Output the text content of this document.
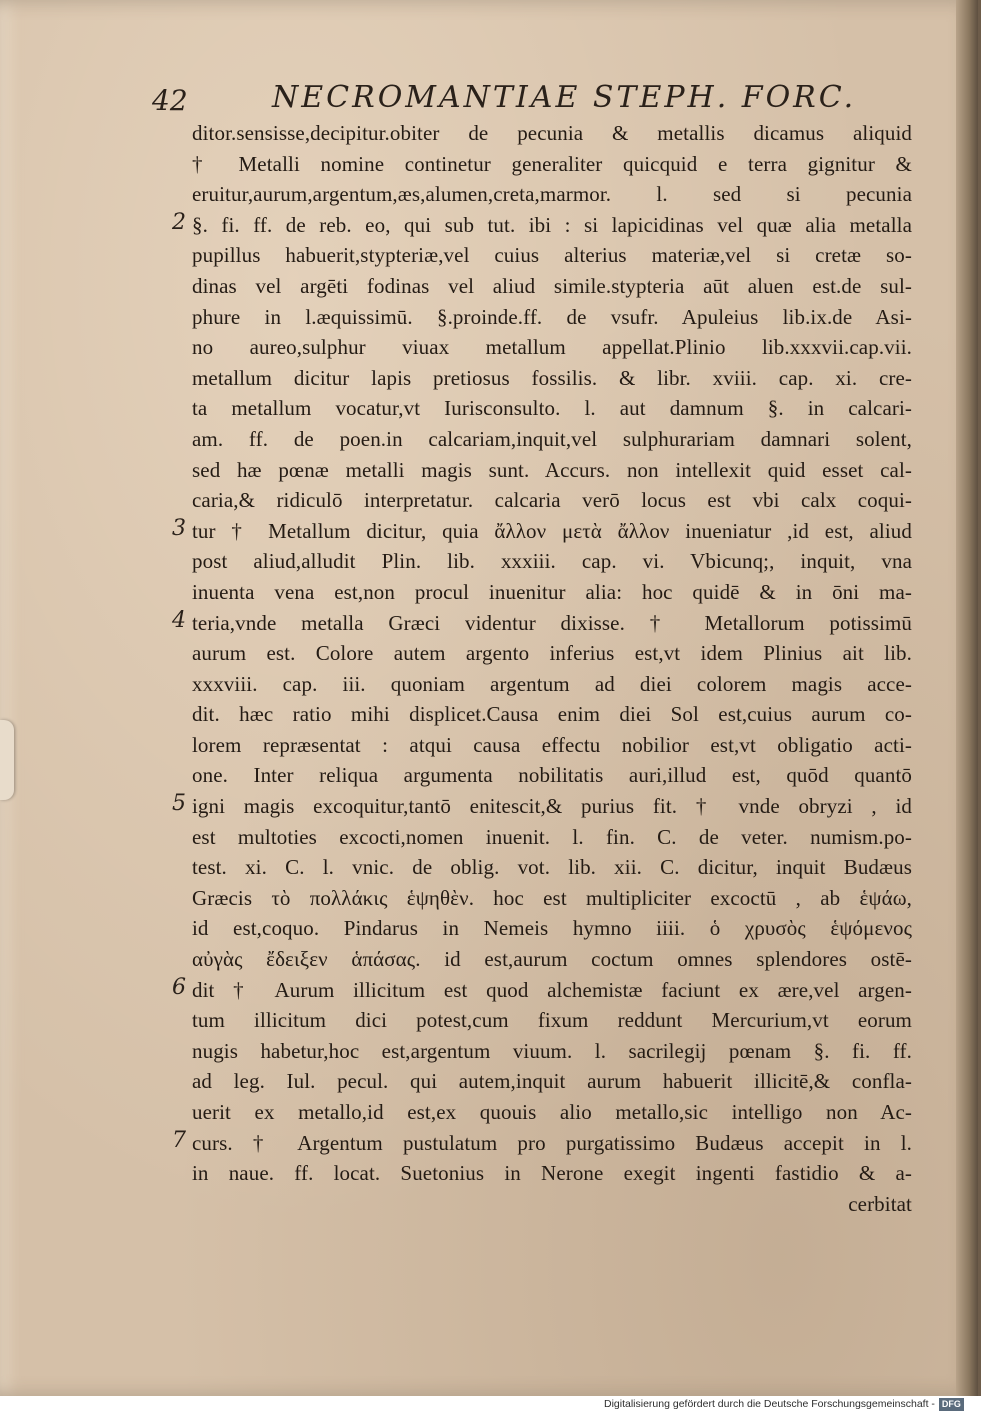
42	NECROMANTIAE STEPH. FORC.
ditor.sensisse,decipitur.obiter de pecunia & metallis dicamus aliquid
† Metalli nomine continetur generaliter quicquid e terra gignitur &
eruitur,aurum,argentum,æs,alumen,creta,marmor. l. sed si pecunia
§. fi. ff. de reb. eo, qui sub tut. ibi : si lapicidinas vel quæ alia metalla
pupillus habuerit,stypteriæ,vel cuius alterius materiæ,vel si cretæ so-
dinas vel argēti fodinas vel aliud simile.stypteria aūt aluen est.de sul-
phure in l.æquissimū. §.proinde.ff. de vsufr. Apuleius lib.ix.de Asi-
no aureo,sulphur viuax metallum appellat.Plinio lib.xxxvii.cap.vii.
metallum dicitur lapis pretiosus fossilis. & libr. xviii. cap. xi. cre-
ta metallum vocatur,vt Iurisconsulto. l. aut damnum §. in calcari-
am. ff. de poen.in calcariam,inquit,vel sulphurariam damnari solent,
sed hæ pœnæ metalli magis sunt. Accurs. non intellexit quid esset cal-
caria,& ridiculō interpretatur. calcaria verō locus est vbi calx coqui-
tur † Metallum dicitur, quia ἄλλον μετὰ ἄλλον inueniatur ,id est, aliud
post aliud,alludit Plin. lib. xxxiii. cap. vi. Vbicunq;, inquit, vna
inuenta vena est,non procul inuenitur alia: hoc quidē & in ōni ma-
teria,vnde metalla Græci videntur dixisse. † Metallorum potissimū
aurum est. Colore autem argento inferius est,vt idem Plinius ait lib.
xxxviii. cap. iii. quoniam argentum ad diei colorem magis acce-
dit. hæc ratio mihi displicet.Causa enim diei Sol est,cuius aurum co-
lorem repræsentat : atqui causa effectu nobilior est,vt obligatio acti-
one. Inter reliqua argumenta nobilitatis auri,illud est, quōd quantō
igni magis excoquitur,tantō enitescit,& purius fit. † vnde obryzi , id
est multoties excocti,nomen inuenit. l. fin. C. de veter. numism.po-
test. xi. C. l. vnic. de oblig. vot. lib. xii. C. dicitur, inquit Budæus
Græcis τὸ πολλάκις ἑψηθὲν. hoc est multipliciter excoctū , ab ἑψάω,
id est,coquo. Pindarus in Nemeis hymno iiii. ὁ χρυσὸς ἑψόμενος
αὐγὰς ἔδειξεν ἁπάσας. id est,aurum coctum omnes splendores ostē-
dit † Aurum illicitum est quod alchemistæ faciunt ex ære,vel argen-
tum illicitum dici potest,cum fixum reddunt Mercurium,vt eorum
nugis habetur,hoc est,argentum viuum. l. sacrilegij pœnam §. fi. ff.
ad leg. Iul. pecul. qui autem,inquit aurum habuerit illicitē,& confla-
uerit ex metallo,id est,ex quouis alio metallo,sic intelligo non Ac-
curs. † Argentum pustulatum pro purgatissimo Budæus accepit in l.
in naue. ff. locat. Suetonius in Nerone exegit ingenti fastidio & a-
cerbitat
2
3
4
5
6
7
Digitalisierung gefördert durch die Deutsche Forschungsgemeinschaft - DFG
